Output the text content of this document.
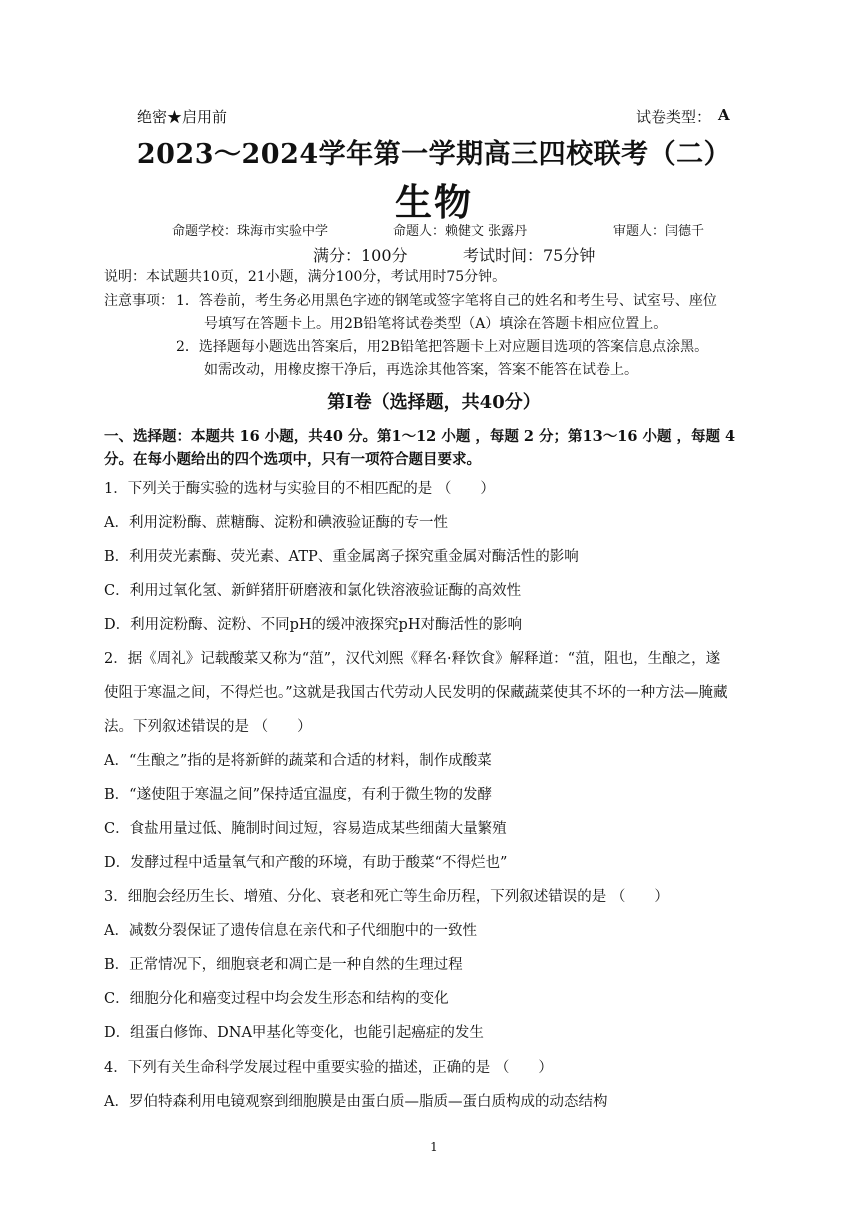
绝密★启用前	试卷类型： A
2023～2024学年第一学期高三四校联考（二）
生物
命题学校：珠海市实验中学	命题人：赖健文 张露丹	审题人：闫德千
满分：100分	考试时间：75分钟
说明：本试题共10页，21小题，满分100分，考试用时75分钟。
注意事项： 1．答卷前，考生务必用黑色字迹的钢笔或签字笔将自己的姓名和考生号、试室号、座位
号填写在答题卡上。用2B铅笔将试卷类型（A）填涂在答题卡相应位置上。
2．选择题每小题选出答案后，用2B铅笔把答题卡上对应题目选项的答案信息点涂黑。
如需改动，用橡皮擦干净后，再选涂其他答案，答案不能答在试卷上。
第I卷（选择题，共40分）
一、选择题：本题共 16 小题，共40 分。第1～12 小题 ，每题 2 分；第13～16 小题 ，每题 4
分。在每小题给出的四个选项中，只有一项符合题目要求。
1．下列关于酶实验的选材与实验目的不相匹配的是 （　　）
A．利用淀粉酶、蔗糖酶、淀粉和碘液验证酶的专一性
B．利用荧光素酶、荧光素、ATP、重金属离子探究重金属对酶活性的影响
C．利用过氧化氢、新鲜猪肝研磨液和氯化铁溶液验证酶的高效性
D．利用淀粉酶、淀粉、不同pH的缓冲液探究pH对酶活性的影响
2．据《周礼》记载酸菜又称为“菹”，汉代刘熙《释名·释饮食》解释道：“菹，阻也，生酿之，遂
使阻于寒温之间，不得烂也。”这就是我国古代劳动人民发明的保藏蔬菜使其不坏的一种方法—腌藏
法。下列叙述错误的是 （　　）
A．“生酿之”指的是将新鲜的蔬菜和合适的材料，制作成酸菜
B．“遂使阻于寒温之间”保持适宜温度，有利于微生物的发酵
C．食盐用量过低、腌制时间过短，容易造成某些细菌大量繁殖
D．发酵过程中适量氧气和产酸的环境，有助于酸菜“不得烂也”
3．细胞会经历生长、增殖、分化、衰老和死亡等生命历程，下列叙述错误的是 （　　）
A．减数分裂保证了遗传信息在亲代和子代细胞中的一致性
B．正常情况下，细胞衰老和凋亡是一种自然的生理过程
C．细胞分化和癌变过程中均会发生形态和结构的变化
D．组蛋白修饰、DNA甲基化等变化，也能引起癌症的发生
4．下列有关生命科学发展过程中重要实验的描述，正确的是 （　　）
A．罗伯特森利用电镜观察到细胞膜是由蛋白质—脂质—蛋白质构成的动态结构
1
